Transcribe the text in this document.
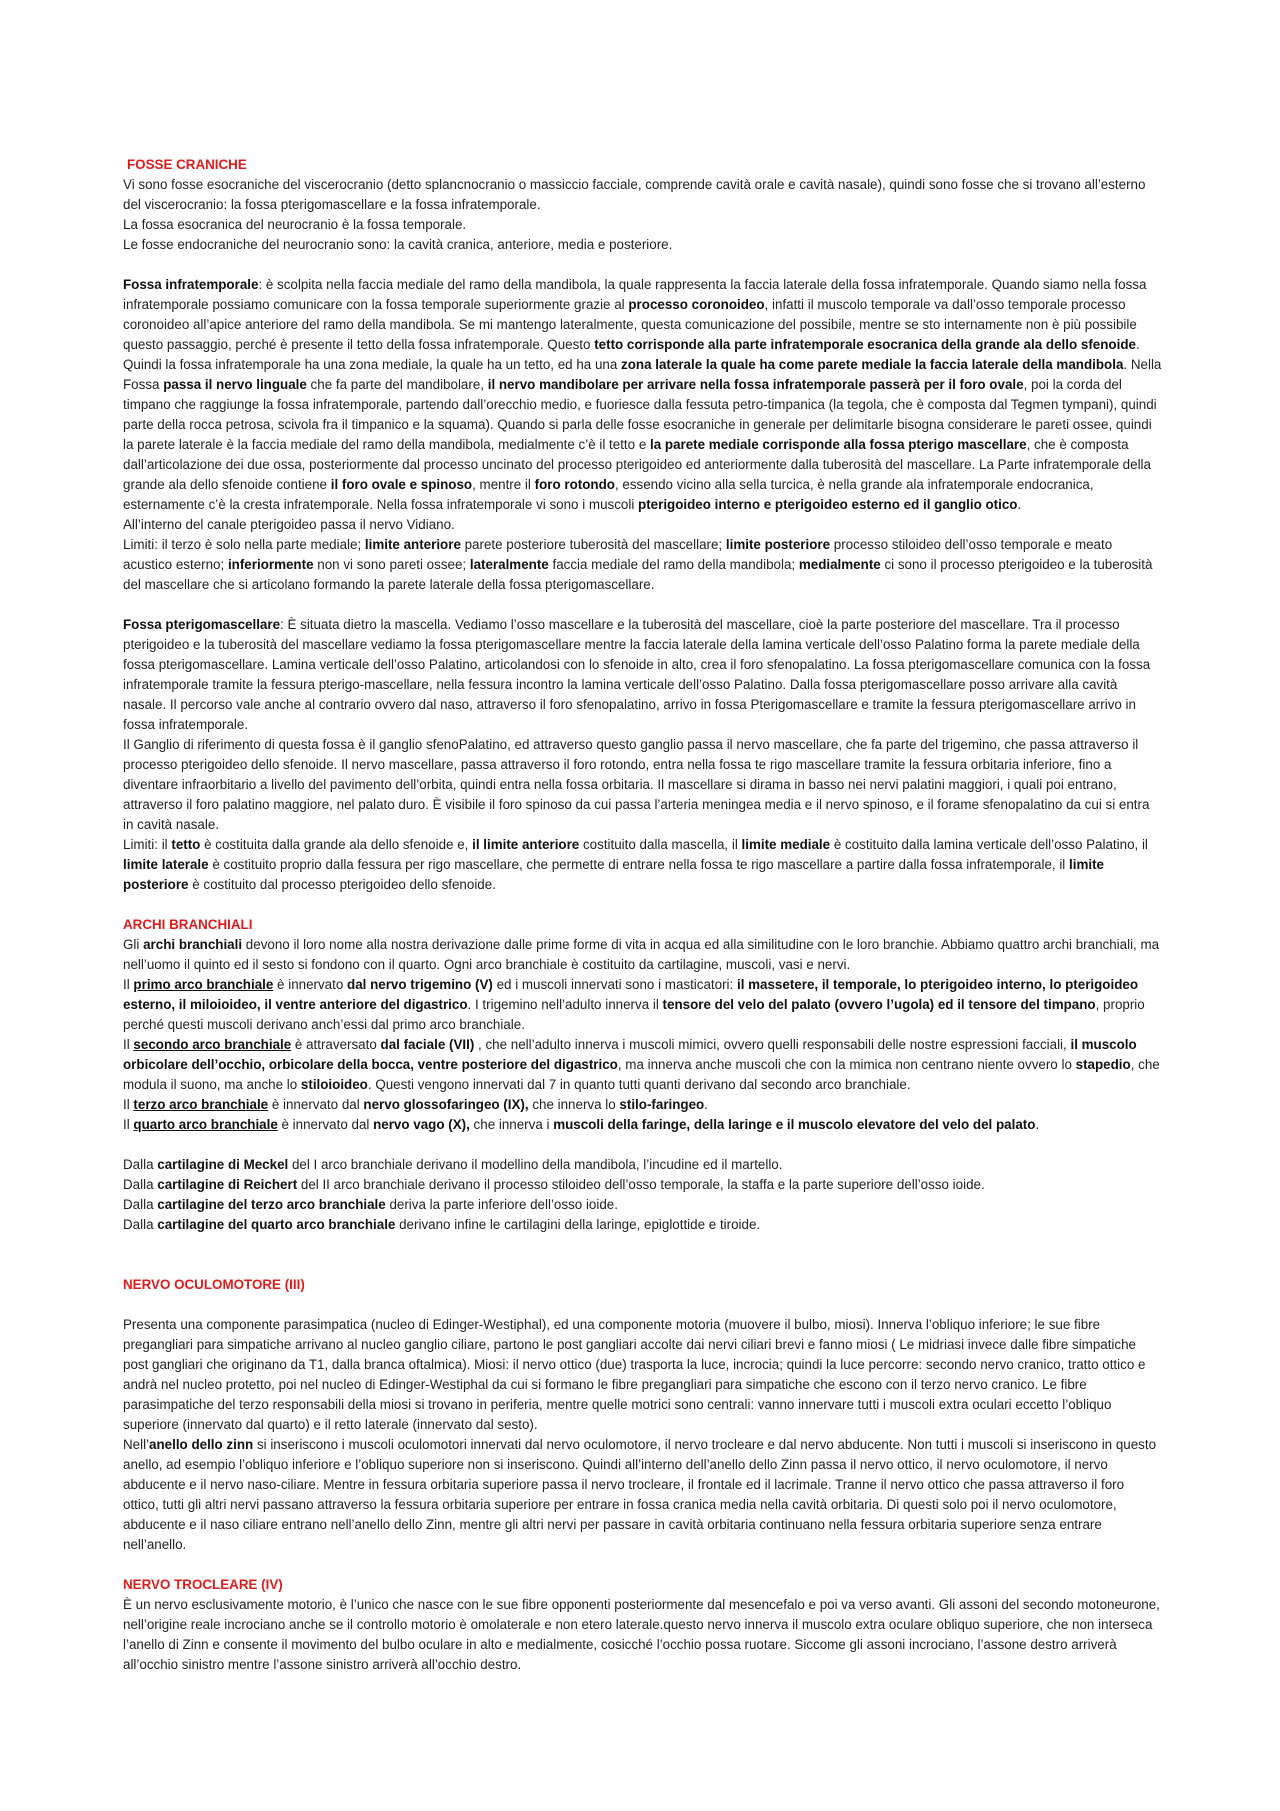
FOSSE CRANICHE

Vi sono fosse esocraniche del viscerocranio (detto splancnocranio o massiccio facciale, comprende cavità orale e cavità nasale), quindi sono fosse che si trovano all’esterno del viscerocranio: la fossa pterigomascellare e la fossa infratemporale.

La fossa esocranica del neurocranio è la fossa temporale.

Le fosse endocraniche del neurocranio sono: la cavità cranica, anteriore, media e posteriore.

Fossa infratemporale: è scolpita nella faccia mediale del ramo della mandibola, la quale rappresenta la faccia laterale della fossa infratemporale. Quando siamo nella fossa infratemporale possiamo comunicare con la fossa temporale superiormente grazie al processo coronoideo, infatti il muscolo temporale va dall’osso temporale processo coronoideo all’apice anteriore del ramo della mandibola. Se mi mantengo lateralmente, questa comunicazione del possibile, mentre se sto internamente non è più possibile questo passaggio, perché è presente il tetto della fossa infratemporale. Questo tetto corrisponde alla parte infratemporale esocranica della grande ala dello sfenoide. Quindi la fossa infratemporale ha una zona mediale, la quale ha un tetto, ed ha una zona laterale la quale ha come parete mediale la faccia laterale della mandibola. Nella Fossa passa il nervo linguale che fa parte del mandibolare, il nervo mandibolare per arrivare nella fossa infratemporale passerà per il foro ovale, poi la corda del timpano che raggiunge la fossa infratemporale, partendo dall’orecchio medio, e fuoriesce dalla fessuta petro-timpanica (la tegola, che è composta dal Tegmen tympani), quindi parte della rocca petrosa, scivola fra il timpanico e la squama). Quando si parla delle fosse esocraniche in generale per delimitarle bisogna considerare le pareti ossee, quindi la parete laterale è la faccia mediale del ramo della mandibola, medialmente c’è il tetto e la parete mediale corrisponde alla fossa pterigo mascellare, che è composta dall’articolazione dei due ossa, posteriormente dal processo uncinato del processo pterigoideo ed anteriormente dalla tuberosità del mascellare. La Parte infratemporale della grande ala dello sfenoide contiene il foro ovale e spinoso, mentre il foro rotondo, essendo vicino alla sella turcica, è nella grande ala infratemporale endocranica, esternamente c’è la cresta infratemporale. Nella fossa infratemporale vi sono i muscoli pterigoideo interno e pterigoideo esterno ed il ganglio otico.

All’interno del canale pterigoideo passa il nervo Vidiano.

Limiti: il terzo è solo nella parte mediale; limite anteriore parete posteriore tuberosità del mascellare; limite posteriore processo stiloideo dell’osso temporale e meato acustico esterno; inferiormente non vi sono pareti ossee; lateralmente faccia mediale del ramo della mandibola; medialmente ci sono il processo pterigoideo e la tuberosità del mascellare che si articolano formando la parete laterale della fossa pterigomascellare.

Fossa pterigomascellare: È situata dietro la mascella. Vediamo l’osso mascellare e la tuberosità del mascellare, cioè la parte posteriore del mascellare. Tra il processo pterigoideo e la tuberosità del mascellare vediamo la fossa pterigomascellare mentre la faccia laterale della lamina verticale dell’osso Palatino forma la parete mediale della fossa pterigomascellare. Lamina verticale dell’osso Palatino, articolandosi con lo sfenoide in alto, crea il foro sfenopalatino. La fossa pterigomascellare comunica con la fossa infratemporale tramite la fessura pterigo-mascellare, nella fessura incontro la lamina verticale dell’osso Palatino. Dalla fossa pterigomascellare posso arrivare alla cavità nasale. Il percorso vale anche al contrario ovvero dal naso, attraverso il foro sfenopalatino, arrivo in fossa Pterigomascellare e tramite la fessura pterigomascellare arrivo in fossa infratemporale.

Il Ganglio di riferimento di questa fossa è il ganglio sfenoPalatino, ed attraverso questo ganglio passa il nervo mascellare, che fa parte del trigemino, che passa attraverso il processo pterigoideo dello sfenoide. Il nervo mascellare, passa attraverso il foro rotondo, entra nella fossa te rigo mascellare tramite la fessura orbitaria inferiore, fino a diventare infraorbitario a livello del pavimento dell’orbita, quindi entra nella fossa orbitaria. Il mascellare si dirama in basso nei nervi palatini maggiori, i quali poi entrano, attraverso il foro palatino maggiore, nel palato duro. È visibile il foro spinoso da cui passa l’arteria meningea media e il nervo spinoso, e il forame sfenopalatino da cui si entra in cavità nasale.

Limiti: il tetto è costituita dalla grande ala dello sfenoide e, il limite anteriore costituito dalla mascella, il limite mediale è costituito dalla lamina verticale dell’osso Palatino, il limite laterale è costituito proprio dalla fessura per rigo mascellare, che permette di entrare nella fossa te rigo mascellare a partire dalla fossa infratemporale, il limite posteriore è costituito dal processo pterigoideo dello sfenoide.

ARCHI BRANCHIALI

Gli archi branchiali devono il loro nome alla nostra derivazione dalle prime forme di vita in acqua ed alla similitudine con le loro branchie. Abbiamo quattro archi branchiali, ma nell’uomo il quinto ed il sesto si fondono con il quarto. Ogni arco branchiale è costituito da cartilagine, muscoli, vasi e nervi.

Il primo arco branchiale è innervato dal nervo trigemino (V) ed i muscoli innervati sono i masticatori: il massetere, il temporale, lo pterigoideo interno, lo pterigoideo esterno, il miloioideo, il ventre anteriore del digastrico. I trigemino nell’adulto innerva il tensore del velo del palato (ovvero l’ugola) ed il tensore del timpano, proprio perché questi muscoli derivano anch’essi dal primo arco branchiale.

Il secondo arco branchiale è attraversato dal faciale (VII) , che nell’adulto innerva i muscoli mimici, ovvero quelli responsabili delle nostre espressioni facciali, il muscolo orbicolare dell’occhio, orbicolare della bocca, ventre posteriore del digastrico, ma innerva anche muscoli che con la mimica non centrano niente ovvero lo stapedio, che modula il suono, ma anche lo stiloioideo. Questi vengono innervati dal 7 in quanto tutti quanti derivano dal secondo arco branchiale.

Il terzo arco branchiale è innervato dal nervo glossofaringeo (IX), che innerva lo stilo-faringeo.

Il quarto arco branchiale è innervato dal nervo vago (X), che innerva i muscoli della faringe, della laringe e il muscolo elevatore del velo del palato.

Dalla cartilagine di Meckel del I arco branchiale derivano il modellino della mandibola, l’incudine ed il martello.

Dalla cartilagine di Reichert del II arco branchiale derivano il processo stiloideo dell’osso temporale, la staffa e la parte superiore dell’osso ioide.

Dalla cartilagine del terzo arco branchiale deriva la parte inferiore dell’osso ioide.

Dalla cartilagine del quarto arco branchiale derivano infine le cartilagini della laringe, epiglottide e tiroide.

NERVO OCULOMOTORE (III)

Presenta una componente parasimpatica (nucleo di Edinger-Westiphal), ed una componente motoria (muovere il bulbo, miosi). Innerva l’obliquo inferiore; le sue fibre pregangliari para simpatiche arrivano al nucleo ganglio ciliare, partono le post gangliari accolte dai nervi ciliari brevi e fanno miosi ( Le midriasi invece dalle fibre simpatiche post gangliari che originano da T1, dalla branca oftalmica). Miosi: il nervo ottico (due) trasporta la luce, incrocia; quindi la luce percorre: secondo nervo cranico, tratto ottico e andrà nel nucleo protetto, poi nel nucleo di Edinger-Westiphal da cui si formano le fibre pregangliari para simpatiche che escono con il terzo nervo cranico. Le fibre parasimpatiche del terzo responsabili della miosi si trovano in periferia, mentre quelle motrici sono centrali: vanno innervare tutti i muscoli extra oculari eccetto l’obliquo superiore (innervato dal quarto) e il retto laterale (innervato dal sesto).

Nell’anello dello zinn si inseriscono i muscoli oculomotori innervati dal nervo oculomotore, il nervo trocleare e dal nervo abducente. Non tutti i muscoli si inseriscono in questo anello, ad esempio l’obliquo inferiore e l’obliquo superiore non si inseriscono. Quindi all’interno dell’anello dello Zinn passa il nervo ottico, il nervo oculomotore, il nervo abducente e il nervo naso-ciliare. Mentre in fessura orbitaria superiore passa il nervo trocleare, il frontale ed il lacrimale. Tranne il nervo ottico che passa attraverso il foro ottico, tutti gli altri nervi passano attraverso la fessura orbitaria superiore per entrare in fossa cranica media nella cavità orbitaria. Di questi solo poi il nervo oculomotore, abducente e il naso ciliare entrano nell’anello dello Zinn, mentre gli altri nervi per passare in cavità orbitaria continuano nella fessura orbitaria superiore senza entrare nell’anello.

NERVO TROCLEARE (IV)

È un nervo esclusivamente motorio, è l’unico che nasce con le sue fibre opponenti posteriormente dal mesencefalo e poi va verso avanti. Gli assoni del secondo motoneurone, nell’origine reale incrociano anche se il controllo motorio è omolaterale e non etero laterale.questo nervo innerva il muscolo extra oculare obliquo superiore, che non interseca l’anello di Zinn e consente il movimento del bulbo oculare in alto e medialmente, cosicché l’occhio possa ruotare. Siccome gli assoni incrociano, l’assone destro arriverà all’occhio sinistro mentre l’assone sinistro arriverà all’occhio destro.
